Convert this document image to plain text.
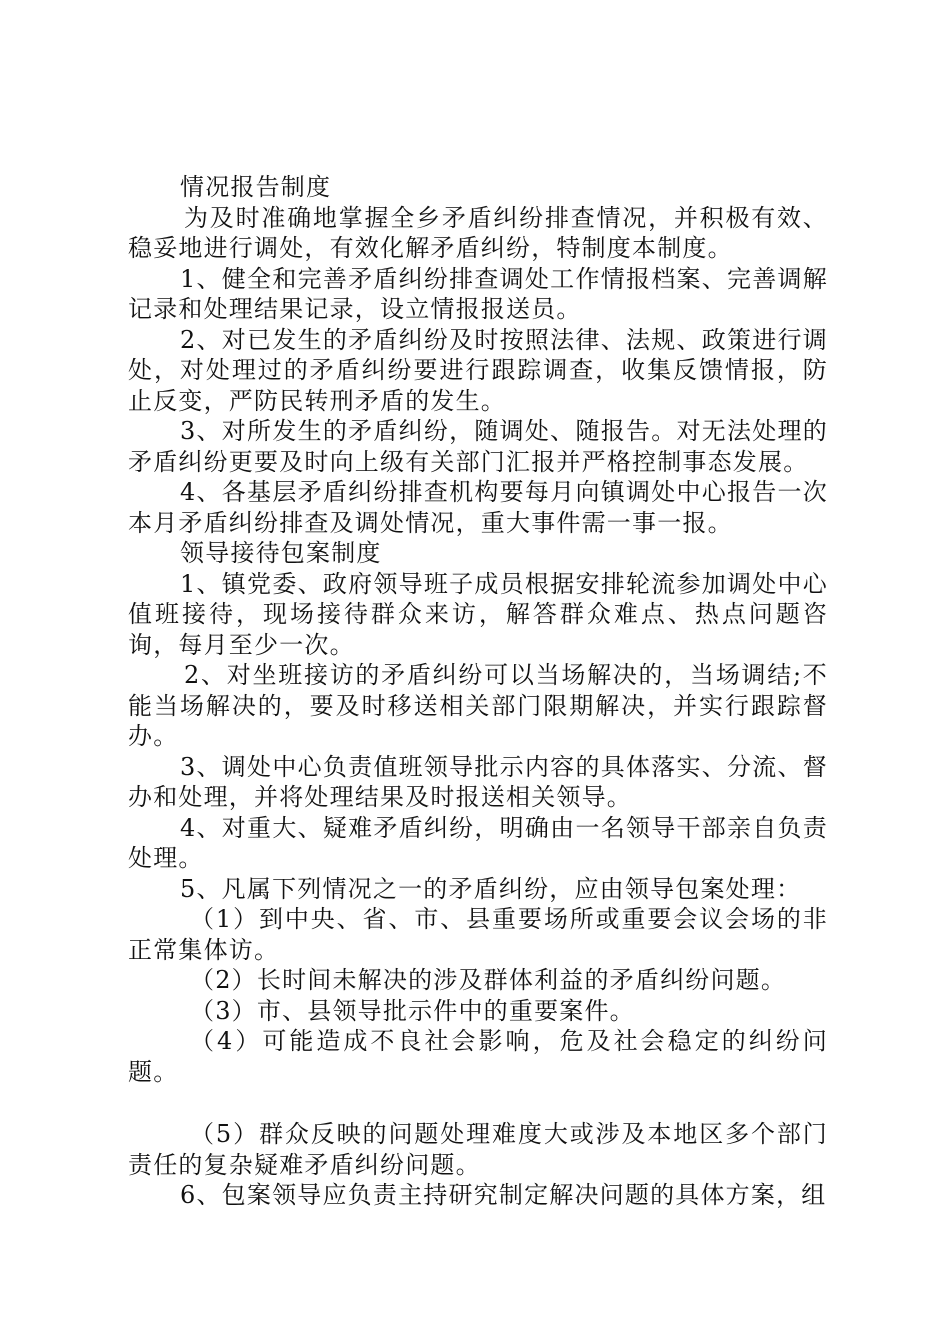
情况报告制度

为及时准确地掌握全乡矛盾纠纷排查情况，并积极有效、稳妥地进行调处，有效化解矛盾纠纷，特制度本制度。

1、健全和完善矛盾纠纷排查调处工作情报档案、完善调解记录和处理结果记录，设立情报报送员。

2、对已发生的矛盾纠纷及时按照法律、法规、政策进行调处，对处理过的矛盾纠纷要进行跟踪调查，收集反馈情报，防止反变，严防民转刑矛盾的发生。

3、对所发生的矛盾纠纷，随调处、随报告。对无法处理的矛盾纠纷更要及时向上级有关部门汇报并严格控制事态发展。

4、各基层矛盾纠纷排查机构要每月向镇调处中心报告一次本月矛盾纠纷排查及调处情况，重大事件需一事一报。

领导接待包案制度

1、镇党委、政府领导班子成员根据安排轮流参加调处中心值班接待，现场接待群众来访，解答群众难点、热点问题咨询，每月至少一次。

2、对坐班接访的矛盾纠纷可以当场解决的，当场调结;不能当场解决的，要及时移送相关部门限期解决，并实行跟踪督办。

3、调处中心负责值班领导批示内容的具体落实、分流、督办和处理，并将处理结果及时报送相关领导。

4、对重大、疑难矛盾纠纷，明确由一名领导干部亲自负责处理。

5、凡属下列情况之一的矛盾纠纷，应由领导包案处理：

（1）到中央、省、市、县重要场所或重要会议会场的非正常集体访。

（2）长时间未解决的涉及群体利益的矛盾纠纷问题。

（3）市、县领导批示件中的重要案件。

（4）可能造成不良社会影响，危及社会稳定的纠纷问题。

（5）群众反映的问题处理难度大或涉及本地区多个部门责任的复杂疑难矛盾纠纷问题。

6、包案领导应负责主持研究制定解决问题的具体方案，组
